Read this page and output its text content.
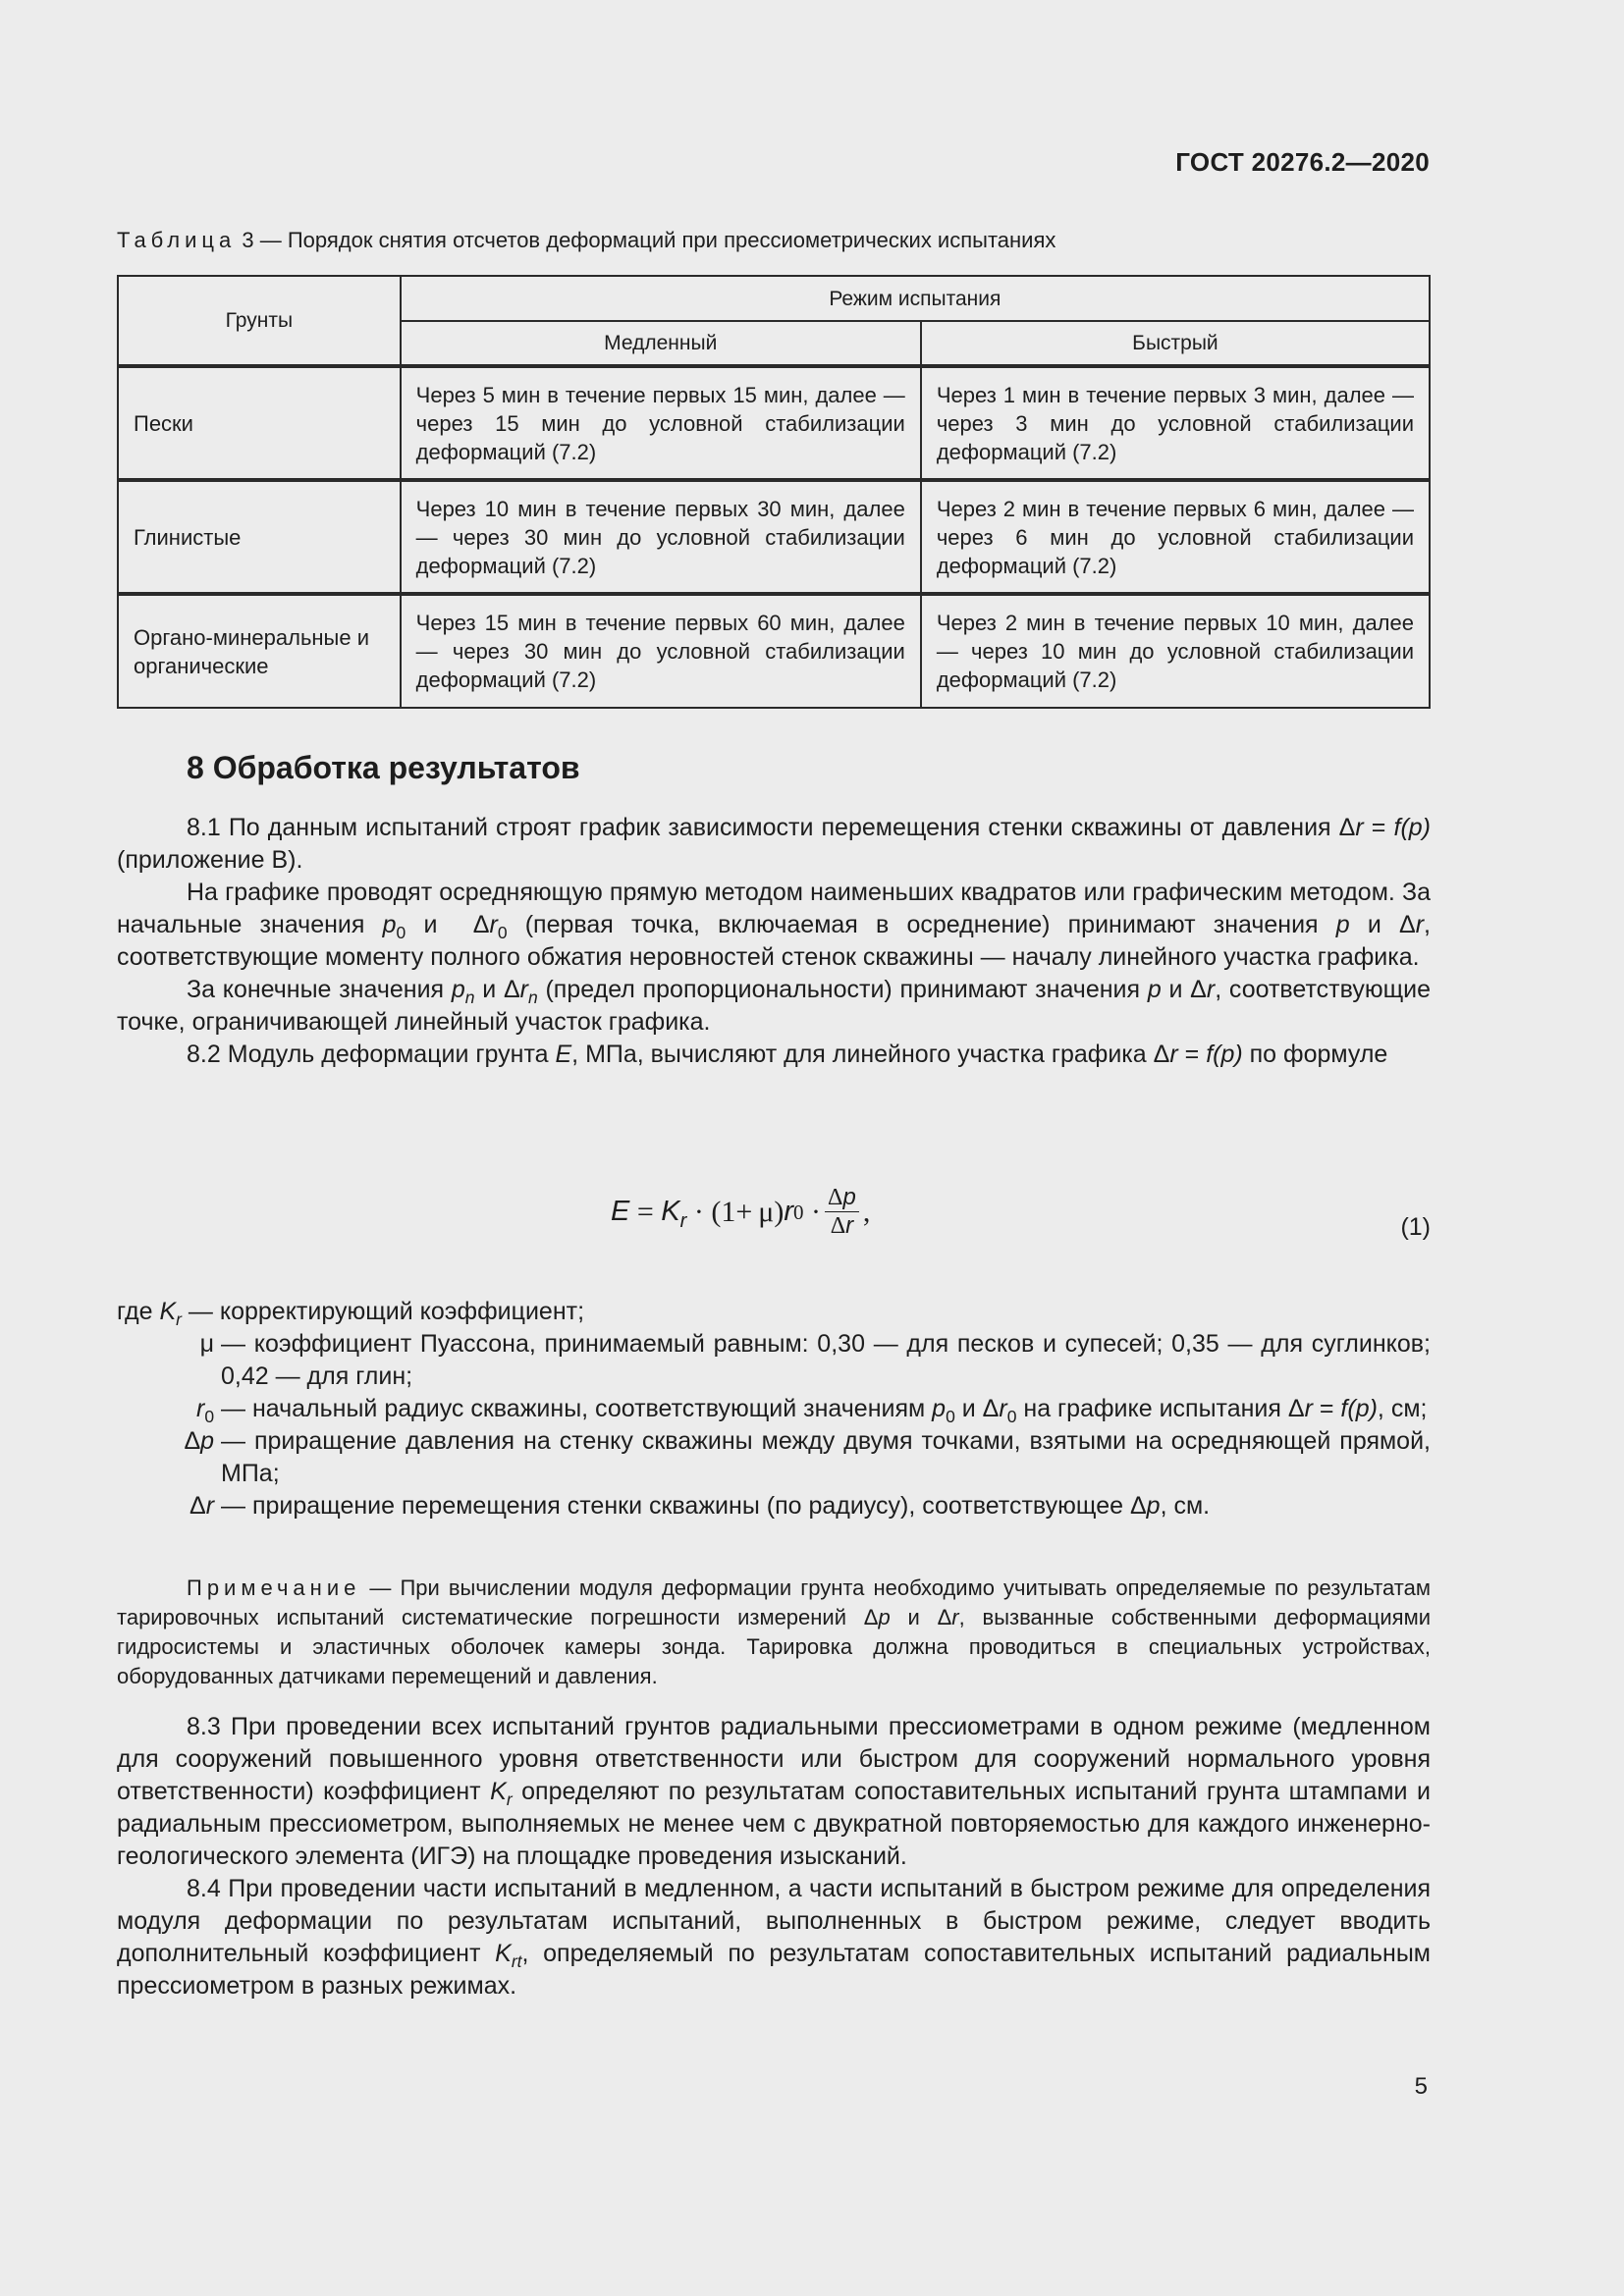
ГОСТ 20276.2—2020
Таблица 3 — Порядок снятия отсчетов деформаций при прессиометрических испытаниях
Грунты	Режим испытания	
	Медленный	Быстрый
Пески	Через 5 мин в течение первых 15 мин, далее — через 15 мин до условной стабилизации деформаций (7.2)	Через 1 мин в течение первых 3 мин, далее — через 3 мин до условной стабилизации деформаций (7.2)
Глинистые	Через 10 мин в течение первых 30 мин, далее — через 30 мин до условной стабилизации деформаций (7.2)	Через 2 мин в течение первых 6 мин, далее — через 6 мин до условной стабилизации деформаций (7.2)
Органо-минеральные и органические	Через 15 мин в течение первых 60 мин, далее — через 30 мин до условной стабилизации деформаций (7.2)	Через 2 мин в течение первых 10 мин, далее — через 10 мин до условной стабилизации деформаций (7.2)
8 Обработка результатов

8.1 По данным испытаний строят график зависимости перемещения стенки скважины от давления Δr = f(p) (приложение В).

На графике проводят осредняющую прямую методом наименьших квадратов или графическим методом. За начальные значения $p_0$ и  $\Delta r_0$ (первая точка, включаемая в осреднение) принимают значения p и Δr, соответствующие моменту полного обжатия неровностей стенок скважины — началу линейного участка графика.

За конечные значения $p_n$ и $\Delta r_n$ (предел пропорциональности) принимают значения p и Δr, соответствующие точке, ограничивающей линейный участок графика.

8.2 Модуль деформации грунта E, МПа, вычисляют для линейного участка графика Δr = f(p) по формуле

$E = K_r \cdot (1+ \mu)$ r $0 \cdot \frac{\Delta p}{\Delta r}$ ,	(1)
где $K_r$ — корректирующий коэффициент;
μ — коэффициент Пуассона, принимаемый равным: 0,30 — для песков и супесей; 0,35 — для суглинков; 0,42 — для глин;
$r_0$ — начальный радиус скважины, соответствующий значениям $p_0$ и $\Delta r_0$ на графике испытания Δr = f(p), см;
Δp — приращение давления на стенку скважины между двумя точками, взятыми на осредняющей прямой, МПа;
Δr — приращение перемещения стенки скважины (по радиусу), соответствующее Δp, см.
Примечание — При вычислении модуля деформации грунта необходимо учитывать определяемые по результатам тарировочных испытаний систематические погрешности измерений Δp и Δr, вызванные собственными деформациями гидросистемы и эластичных оболочек камеры зонда. Тарировка должна проводиться в специальных устройствах, оборудованных датчиками перемещений и давления.

8.3 При проведении всех испытаний грунтов радиальными прессиометрами в одном режиме (медленном для сооружений повышенного уровня ответственности или быстром для сооружений нормального уровня ответственности) коэффициент $K_r$ определяют по результатам сопоставительных испытаний грунта штампами и радиальным прессиометром, выполняемых не менее чем с двукратной повторяемостью для каждого инженерно-геологического элемента (ИГЭ) на площадке проведения изысканий.

8.4 При проведении части испытаний в медленном, а части испытаний в быстром режиме для определения модуля деформации по результатам испытаний, выполненных в быстром режиме, следует вводить дополнительный коэффициент $K_{rt}$, определяемый по результатам сопоставительных испытаний радиальным прессиометром в разных режимах.

5
